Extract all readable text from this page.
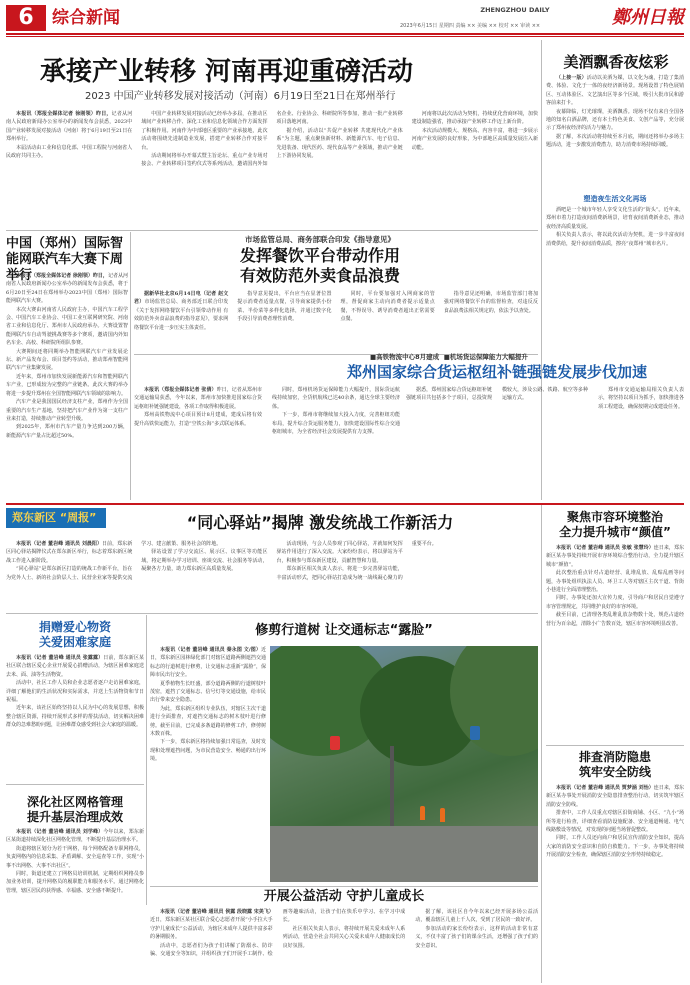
6	综合新闻	ZHENGZHOU DAILY
2023年6月15日 星期四 责编 ×× 美编 ×× 校对 ×× 审读 ××	鄭州日報
承接产业转移 河南再迎重磅活动
2023 中国产业转移发展对接活动（河南）6月19日至21日在郑州举行

本报讯（郑报全媒体记者 徐刚领）昨日，记者从河南人民政府新闻办公室举办的新闻发布会获悉，2023中国产业转移发展对接活动（河南）将于6月19日至21日在郑州举行。

本届活动由工业和信息化部、中国工程院与河南省人民政府共同主办。

中国产业转移发展对接活动已经举办多届，在推动区域间产业转移合作、深化工业和信息化领域合作方面发挥了积极作用。河南作为中部地区重要的产业承接地，此次活动将围绕先进制造业发展，搭建产业转移合作对接平台。

活动期间将举办开幕式暨主旨论坛、重点产业专场对接会、产业转移项目签约仪式等系列活动，邀请国内外知名企业、行业协会、科研院所等参加，推动一批产业转移项目落地河南。

据介绍，活动以“共促产业转移 共建现代化产业体系”为主题，重点聚焦新材料、新能源汽车、电子信息、先进装备、现代医药、现代食品等产业领域，推动产业链上下游协同发展。

河南将以此次活动为契机，持续优化营商环境，加快建设制造强省，推动承接产业转移工作迈上新台阶。

本次活动规模大、规格高、内容丰富，将进一步展示河南产业发展的良好形象，为中部地区高质量发展注入新动能。

美酒飘香夜炫彩

（上接一版）活动以美酒为媒，以文化为魂，打造了集消费、体验、文化于一体的夜经济新场景。现场设置了特色展销区、互动体验区、文艺演出区等多个区域，吸引大批市民和游客前来打卡。

夜幕降临，灯光璀璨，美酒飘香。现场不仅有来自全国各地的知名白酒品牌，还有本土特色美食、文创产品等，充分展示了郑州夜经济的活力与魅力。

据了解，本次活动将持续至本月底，期间还将举办多场主题活动，进一步激发消费潜力，助力消费市场持续回暖。

塑造夜生活文化再场

酒吧是一个城市年轻人享受文化生活的“街头”。近年来，郑州市着力打造夜间消费新场景，培育夜间消费新业态，推动夜经济高质量发展。

相关负责人表示，将以此次活动为契机，进一步丰富夜间消费供给，提升夜间消费品质，擦亮“夜郑州”城市名片。

中国（郑州）国际智能网联汽车大赛下周举行

本报讯（郑报全媒体记者 徐刚领）昨日，记者从河南省人民政府新闻办公室举办的新闻发布会获悉，将于6月20日至24日在郑州举办2023中国（郑州）国际智能网联汽车大赛。

本次大赛由河南省人民政府主办，中国汽车工程学会、中国汽车工业协会、中国工业互联网研究院、河南省工业和信息化厅、郑州市人民政府承办。大赛设置智能网联汽车自动驾驶挑战赛等多个赛项，邀请国内外知名车企、高校、科研院所组队参赛。

大赛期间还将同期举办智能网联汽车产业发展论坛、新产品发布会、项目签约等活动，推动郑州智能网联汽车产业集聚发展。

近年来，郑州市加快发展新能源汽车和智能网联汽车产业，已形成较为完整的产业链条。此次大赛的举办将进一步提升郑州在全国智能网联汽车领域的影响力。

汽车产业是我国国民经济支柱产业，郑州作为全国重要的汽车生产基地，坚持把汽车产业作为第一支柱产业来打造，持续推动产业转型升级。

到2025年，郑州市汽车产量力争达到200万辆，新能源汽车产量占比超过50%。

市场监管总局、商务部联合印发《指导意见》
发挥餐饮平台带动作用
有效防范外卖食品浪费

据新华社北京6月14日电（记者 赵文君）市场监管总局、商务部近日联合印发《关于发挥网络餐饮平台引领带动作用 有效防范外卖食品浪费的指导意见》，要求网络餐饮平台进一步压实主体责任。

指导意见提出，平台应当在显著位置提示消费者适量点餐，引导商家提供小份菜、半份菜等多样化选择，并通过数字化手段引导消费者理性消费。

同时，平台要加强对入网商家的管理，督促商家主动向消费者提示适量点餐，不得误导、诱导消费者超出正常需要点餐。

指导意见还明确，市场监管部门将加强对网络餐饮平台的监督检查，对违反反食品浪费法相关规定的，依法予以查处。

■高铁物流中心8月建成 ■机场货运保障能力大幅提升
郑州国家综合货运枢纽补链强链发展步伐加速

本报讯（郑报全媒体记者 张倩）昨日，记者从郑州市交通运输局获悉，今年以来，郑州市加快推进国家综合货运枢纽补链强链建设，各项工作取得积极进展。

郑州高铁物流中心项目预计8月建成，建成后将有效提升高铁快运能力，打造“空铁公海”多式联运体系。

同时，郑州机场货运保障能力大幅提升，国际货运航线持续加密，全货机航线已达40余条，通达全球主要经济体。

下一步，郑州市将继续加大投入力度，完善枢纽功能布局，提升综合货运服务能力，加快建设国际性综合交通枢纽城市，为全省经济社会发展提供有力支撑。

据悉，郑州国家综合货运枢纽补链强链项目共包括多个子项目，总投资规模较大，涉及公路、铁路、航空等多种运输方式。

郑州市交通运输局相关负责人表示，将坚持以项目为抓手，加快推进各项工程建设，确保按期完成建设任务。

郑东新区 “周报”	“同心驿站”揭牌 激发统战工作新活力

本报讯（记者 董岩峰 通讯员 刘晨阳）日前，郑东新区同心驿站揭牌仪式在郑东新区举行，标志着郑东新区统战工作进入新阶段。

“同心驿站”是郑东新区打造的统战工作新平台，旨在为党外人士、新的社会阶层人士、民营企业家等提供交流学习、建言献策、服务社会的阵地。

驿站设置了学习交流区、展示区、议事区等功能区域，将定期举办学习培训、座谈交流、社会服务等活动，凝聚各方力量，助力郑东新区高质量发展。

活动现场，与会人员参观了同心驿站，并就如何发挥驿站作用进行了深入交流。大家纷纷表示，将以驿站为平台，积极参与郑东新区建设，贡献智慧和力量。

郑东新区相关负责人表示，将进一步完善驿站功能，丰富活动形式，把同心驿站打造成为统一战线凝心聚力的重要平台。

捐赠爱心物资
关爱困难家庭

本报讯（记者 董岩峰 通讯员 张露露）日前，郑东新区某社区联合辖区爱心企业开展爱心捐赠活动，为辖区困难家庭送去米、面、油等生活物资。

活动中，社区工作人员和企业志愿者逐户走访困难家庭，详细了解他们的生活状况和实际需求，并送上生活物资和节日祝福。

近年来，该社区始终坚持以人民为中心的发展思想，积极整合辖区资源，持续开展形式多样的帮扶活动，切实解决困难群众的急难愁盼问题，让困难群众感受到社会大家庭的温暖。

深化社区网格管理
提升基层治理成效

本报讯（记者 董岩峰 通讯员 刘学峰）今年以来，郑东新区某街道持续深化社区网格化管理，不断提升基层治理水平。

街道将辖区划分为若干网格，每个网格配备专职网格员，负责网格内的信息采集、矛盾调解、安全巡查等工作，实现“小事不出网格、大事不出社区”。

同时，街道还建立了网格员培训机制，定期组织网格员参加业务培训，提升网格员的履职能力和服务水平。通过网格化管理，辖区居民的获得感、幸福感、安全感不断提升。

修剪行道树 让交通标志“露脸”

本报讯（记者 董岩峰 通讯员 秦永图 文/图）近日，郑东新区园林绿化部门对辖区道路两侧遮挡交通标志的行道树进行修剪，让交通标志重新“露脸”，保障市民出行安全。

夏季植物生长旺盛，部分道路两侧的行道树枝叶茂密，遮挡了交通标志、信号灯等交通设施，给市民出行带来安全隐患。

为此，郑东新区组织专业队伍，对辖区主次干道进行全面排查，对遮挡交通标志的树木枝叶进行修剪。截至目前，已完成多条道路的修剪工作，修剪树木数百株。

下一步，郑东新区将持续加强日常巡查，及时发现和处理遮挡问题，为市民营造安全、畅通的出行环境。

开展公益活动 守护儿童成长

本报讯（记者 董岩峰 通讯员 侯露 段晓露 宋美飞）近日，郑东新区某社区联合爱心志愿者开展“小手拉大手 守护儿童成长”公益活动，为辖区未成年人提供丰富多彩的暑期服务。

活动中，志愿者们为孩子们讲解了防溺水、防诈骗、交通安全等知识，并组织孩子们开展手工制作、绘画等趣味活动，让孩子们在快乐中学习、在学习中成长。

社区相关负责人表示，将持续开展关爱未成年人系列活动，营造全社会共同关心关爱未成年人健康成长的良好氛围。

据了解，该社区自今年以来已经开展多场公益活动，覆盖辖区儿童上千人次，受到了居民的一致好评。

参加活动的家长纷纷表示，这样的活动非常有意义，不仅丰富了孩子们的课余生活，还增强了孩子们的安全意识。

聚焦市容环境整治
全力提升城市“颜值”

本报讯（记者 董岩峰 通讯员 张敏 张慧玲）连日来，郑东新区某办事处持续开展市容环境综合整治行动，全力提升辖区城市“颜值”。

此次整治重点针对占道经营、乱堆乱放、乱贴乱画等问题，办事处组织执法人员、环卫工人等对辖区主次干道、背街小巷进行全面清理整治。

同时，办事处还加大宣传力度，引导商户和居民自觉遵守市容管理规定，共同维护良好的市容环境。

截至目前，已清理各类乱堆乱放杂物数十处，规范占道经营行为百余起，清除小广告数百处，辖区市容环境明显改善。

排查消防隐患
筑牢安全防线

本报讯（记者 董岩峰 通讯员 贾梦涵 刘怡）连日来，郑东新区某办事处开展消防安全隐患排查整治行动，切实筑牢辖区消防安全防线。

排查中，工作人员重点对辖区沿街商铺、小区、“九小”场所等进行检查，详细查看消防设施配备、安全通道畅通、电气线路敷设等情况，对发现的问题当场督促整改。

同时，工作人员还向商户和居民宣传消防安全知识，提高大家的消防安全意识和自防自救能力。下一步，办事处将持续开展消防安全检查，确保辖区消防安全形势持续稳定。
